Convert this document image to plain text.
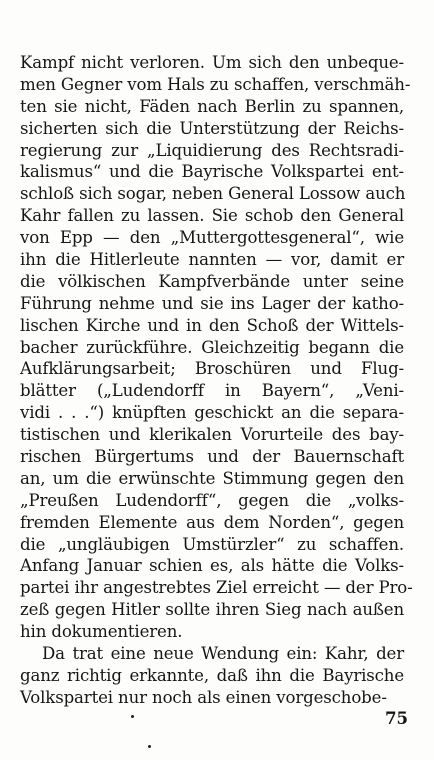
Kampf nicht verloren. Um sich den unbeque-
men Gegner vom Hals zu schaffen, verschmäh-
ten sie nicht, Fäden nach Berlin zu spannen,
sicherten sich die Unterstützung der Reichs-
regierung zur „Liquidierung des Rechtsradi-
kalismus“ und die Bayrische Volkspartei ent-
schloß sich sogar, neben General Lossow auch
Kahr fallen zu lassen. Sie schob den General
von Epp — den „Muttergottesgeneral“, wie
ihn die Hitlerleute nannten — vor, damit er
die völkischen Kampfverbände unter seine
Führung nehme und sie ins Lager der katho-
lischen Kirche und in den Schoß der Wittels-
bacher zurückführe. Gleichzeitig begann die
Aufklärungsarbeit; Broschüren und Flug-
blätter („Ludendorff in Bayern“, „Veni-
vidi . . .“) knüpften geschickt an die separa-
tistischen und klerikalen Vorurteile des bay-
rischen Bürgertums und der Bauernschaft
an, um die erwünschte Stimmung gegen den
„Preußen Ludendorff“, gegen die „volks-
fremden Elemente aus dem Norden“, gegen
die „ungläubigen Umstürzler“ zu schaffen.
Anfang Januar schien es, als hätte die Volks-
partei ihr angestrebtes Ziel erreicht — der Pro-
zeß gegen Hitler sollte ihren Sieg nach außen
hin dokumentieren.
Da trat eine neue Wendung ein: Kahr, der
ganz richtig erkannte, daß ihn die Bayrische
Volkspartei nur noch als einen vorgeschobe-
75
